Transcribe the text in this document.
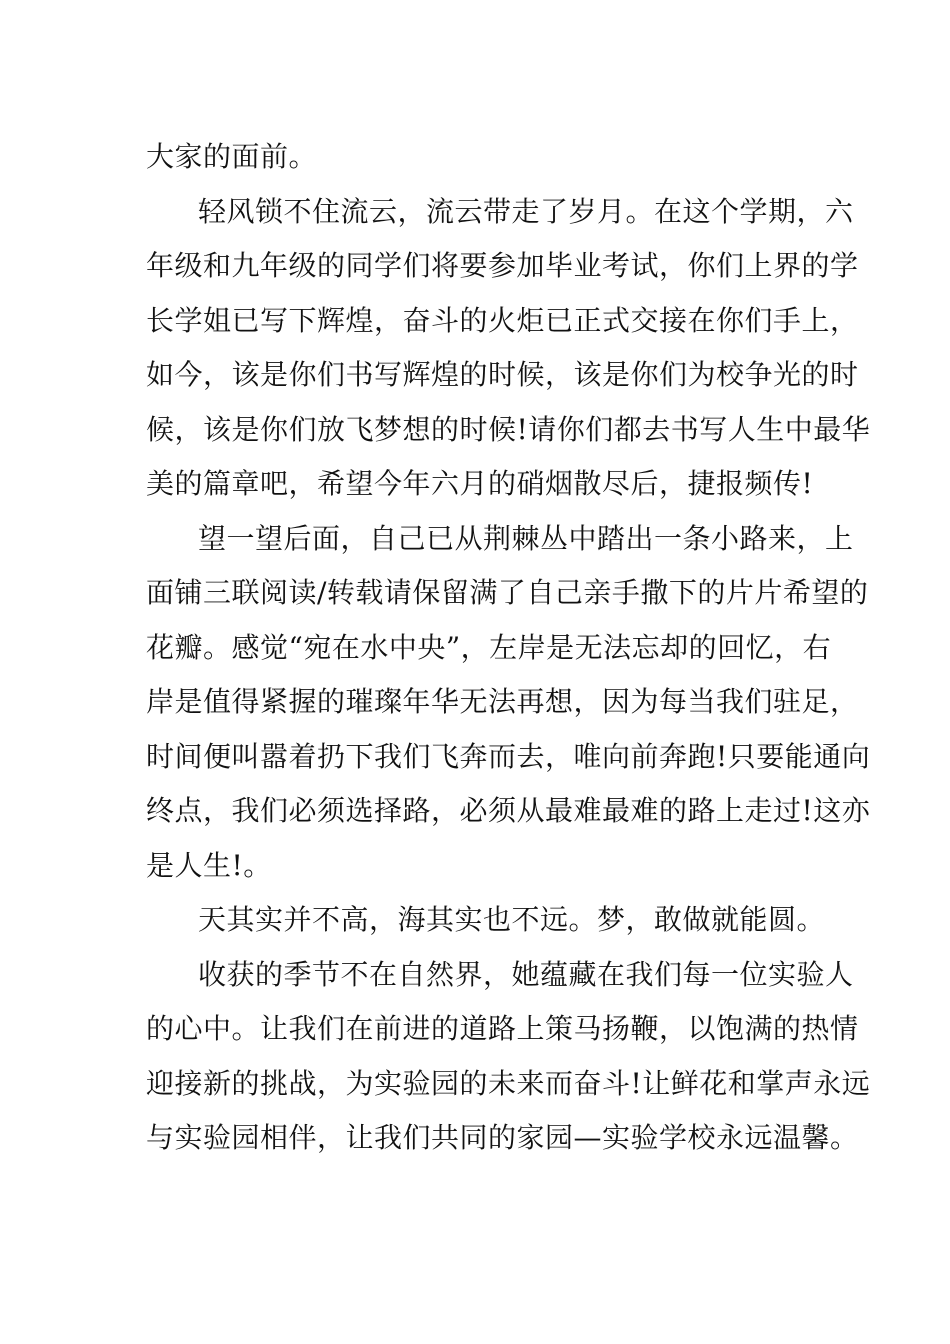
大家的面前。
轻风锁不住流云，流云带走了岁月。在这个学期，六
年级和九年级的同学们将要参加毕业考试，你们上界的学
长学姐已写下辉煌，奋斗的火炬已正式交接在你们手上，
如今，该是你们书写辉煌的时候，该是你们为校争光的时
候，该是你们放飞梦想的时候!请你们都去书写人生中最华
美的篇章吧，希望今年六月的硝烟散尽后，捷报频传!
望一望后面，自己已从荆棘丛中踏出一条小路来，上
面铺三联阅读/转载请保留满了自己亲手撒下的片片希望的
花瓣。感觉“宛在水中央”，左岸是无法忘却的回忆，右
岸是值得紧握的璀璨年华无法再想，因为每当我们驻足，
时间便叫嚣着扔下我们飞奔而去，唯向前奔跑!只要能通向
终点，我们必须选择路，必须从最难最难的路上走过!这亦
是人生!。
天其实并不高，海其实也不远。梦，敢做就能圆。
收获的季节不在自然界，她蕴藏在我们每一位实验人
的心中。让我们在前进的道路上策马扬鞭，以饱满的热情
迎接新的挑战，为实验园的未来而奋斗!让鲜花和掌声永远
与实验园相伴，让我们共同的家园—实验学校永远温馨。
